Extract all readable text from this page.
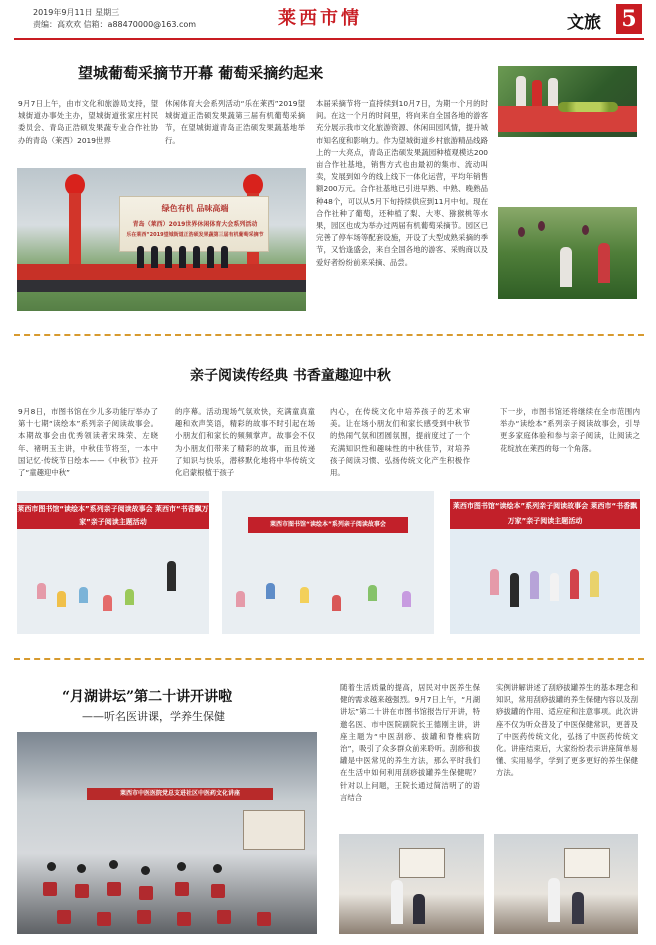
2019年9月11日 星期三
责编：高欢欢 信箱：a88470000@163.com	莱西市情	文旅 5
望城葡萄采摘节开幕 葡萄采摘约起来
9月7日上午，由市文化和旅游局支持，望城街道办事处主办，望城街道张家庄村民委员会、青岛正浩硕发果蔬专业合作社协办的青岛（莱西）2019世界
休闲体育大会系列活动“乐在莱西”2019望城街道正浩硕发果蔬第三届有机葡萄采摘节，在望城街道青岛正浩硕发果蔬基地举行。
本届采摘节将一直持续到10月7日，为期一个月的时间。在这一个月的时间里，将向来自全国各地的游客充分展示我市文化旅游资源、休闲田园风情，提升城市知名度和影响力。作为望城街道乡村旅游精品线路上的一大亮点，青岛正浩硕发果蔬园种植观模达200亩合作社基地，销售方式也由最初的集市、流动叫卖，发展到如今的线上线下一体化运营，平均年销售额200万元。合作社基地已引进早熟、中熟、晚熟品种48个，可以从5月下旬持续供应到11月中旬。现在合作社种了葡萄，还种植了梨、大枣、猕猴桃等水果，园区也成为举办过两届有机葡萄采摘节。园区已完善了停车场等配套设施，开设了大型成熟采摘的季节，又恰逢盛会，来自全国各地的游客、采购商以及爱好者纷纷前来采摘、品尝。
绿色有机 品味高端
青岛（莱西）2019世界休闲体育大会系列活动
乐在莱西“2019望城街道正浩硕发果蔬第三届有机葡萄采摘节
亲子阅读传经典 书香童趣迎中秋
9月8日，市图书馆在少儿多功能厅举办了第十七期“读绘本”系列亲子阅读故事会。本期故事会由优秀领读者宋珠荣、左晓年、褚明玉主讲，中秋佳节将至，一本中国记忆·传统节日绘本——《中秋节》拉开了“童趣迎中秋”
的序幕。活动现场气氛欢快，充满童真童趣和欢声笑语，精彩的故事不时引起在场小朋友们和家长的频频掌声。故事会不仅为小朋友们带来了精彩的故事，而且传递了知识与快乐，潜移默化地将中华传统文化启蒙根植于孩子
内心，在传统文化中培养孩子的艺术审美。让在场小朋友们和家长感受到中秋节的热闹气氛和团圆氛围，提前度过了一个充满知识性和趣味性的中秋佳节，对培养孩子阅读习惯、弘扬传统文化产生积极作用。
下一步，市图书馆还将继续在全市范围内举办“读绘本”系列亲子阅读故事会，引导更多家庭体验和参与亲子阅读，让阅读之花绽放在莱西的每一个角落。
莱西市图书馆“读绘本”系列亲子阅读故事会 莱西市“书香飘万家”亲子阅读主题活动	莱西市图书馆“读绘本”系列亲子阅读故事会
莱西市图书馆“读绘本”系列亲子阅读故事会 莱西市“书香飘万家”亲子阅读主题活动
“月湖讲坛”第二十讲开讲啦
——听名医讲课，学养生保健
随着生活质量的提高，居民对中医养生保健的需求越来越强烈。9月7日上午，“月湖讲坛”第二十讲在市图书馆报告厅开讲，特邀名医、市中医院副院长王德刚主讲，讲座主题为“中医刮痧、拔罐和脊椎病防治”，吸引了众多群众前来聆听。刮痧和拔罐是中医常见的养生方法，那么平时我们在生活中如何利用刮痧拔罐养生保健呢？针对以上问题，王院长通过简洁明了的语言结合
实例讲解讲述了刮痧拔罐养生的基本理念和知识，常用刮痧拔罐的养生保健内容以及刮痧拔罐的作用、适应症和注意事项。此次讲座不仅为听众普及了中医保健常识，更普及了中医药传统文化，弘扬了中医药传统文化。讲座结束后，大家纷纷表示讲座简单易懂、实用易学，学到了更多更好的养生保健方法。
莱西市中医医院党总支进社区中医药文化讲座
